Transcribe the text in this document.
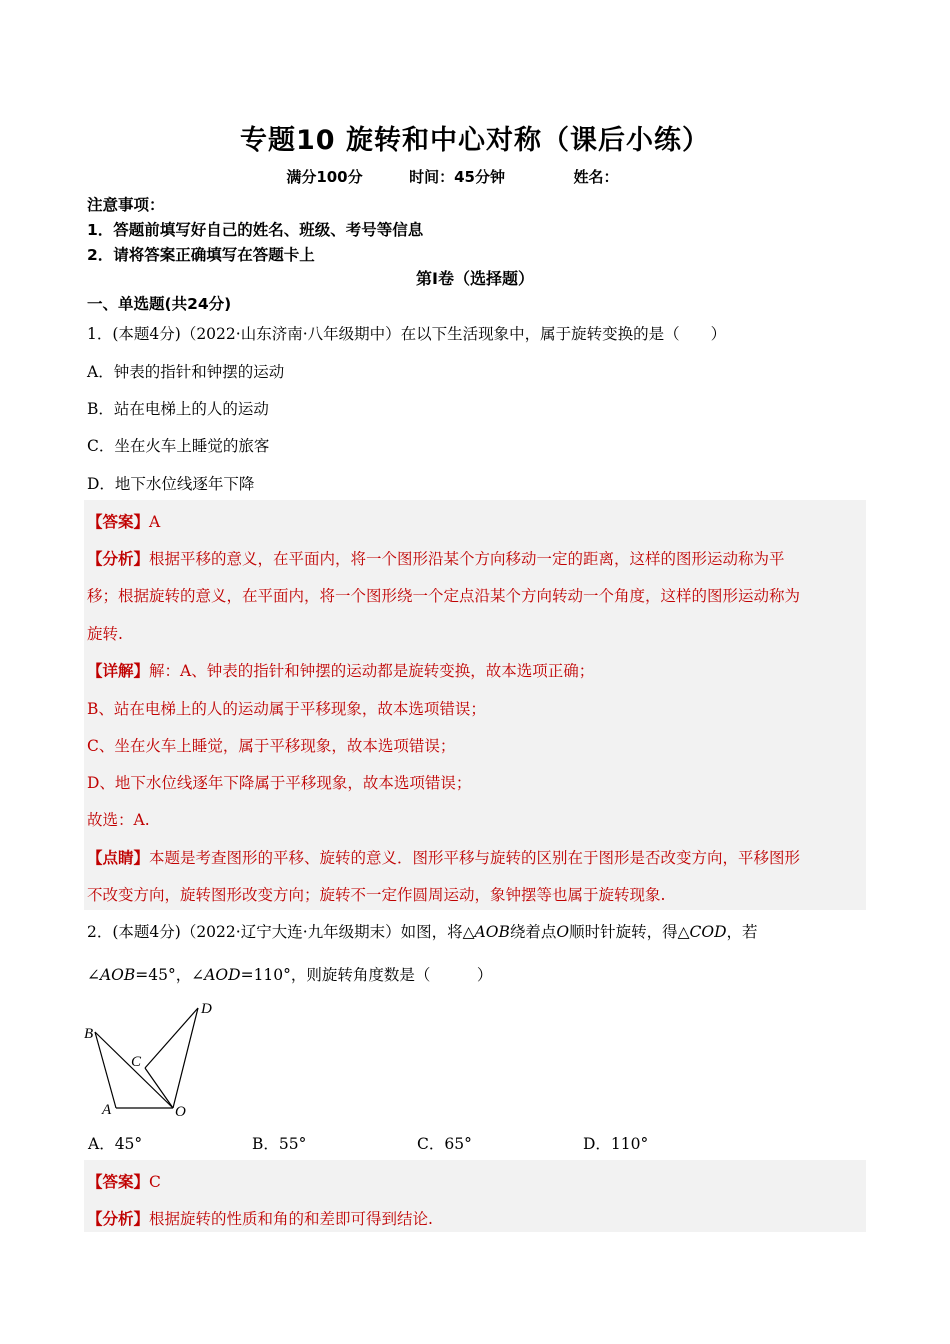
专题10 旋转和中心对称（课后小练）
满分100分	时间：45分钟	姓名：
注意事项：
1．答题前填写好自己的姓名、班级、考号等信息
2．请将答案正确填写在答题卡上
第I卷（选择题）
一、单选题(共24分)
1．(本题4分)（2022·山东济南·八年级期中）在以下生活现象中，属于旋转变换的是（　　）
A．钟表的指针和钟摆的运动
B．站在电梯上的人的运动
C．坐在火车上睡觉的旅客
D．地下水位线逐年下降
【答案】A
【分析】根据平移的意义，在平面内，将一个图形沿某个方向移动一定的距离，这样的图形运动称为平
移；根据旋转的意义，在平面内，将一个图形绕一个定点沿某个方向转动一个角度，这样的图形运动称为
旋转.
【详解】解：A、钟表的指针和钟摆的运动都是旋转变换，故本选项正确；
B、站在电梯上的人的运动属于平移现象，故本选项错误；
C、坐在火车上睡觉，属于平移现象，故本选项错误；
D、地下水位线逐年下降属于平移现象，故本选项错误；
故选：A.
【点睛】本题是考查图形的平移、旋转的意义．图形平移与旋转的区别在于图形是否改变方向，平移图形
不改变方向，旋转图形改变方向；旋转不一定作圆周运动，象钟摆等也属于旋转现象.
2．(本题4分)（2022·辽宁大连·九年级期末）如图，将△AOB绕着点O顺时针旋转，得△COD，若
∠AOB=45°，∠AOD=110°，则旋转角度数是（　　　）
B
A
C
D
O
A．45°	B．55°	C．65°	D．110°
【答案】C
【分析】根据旋转的性质和角的和差即可得到结论.
